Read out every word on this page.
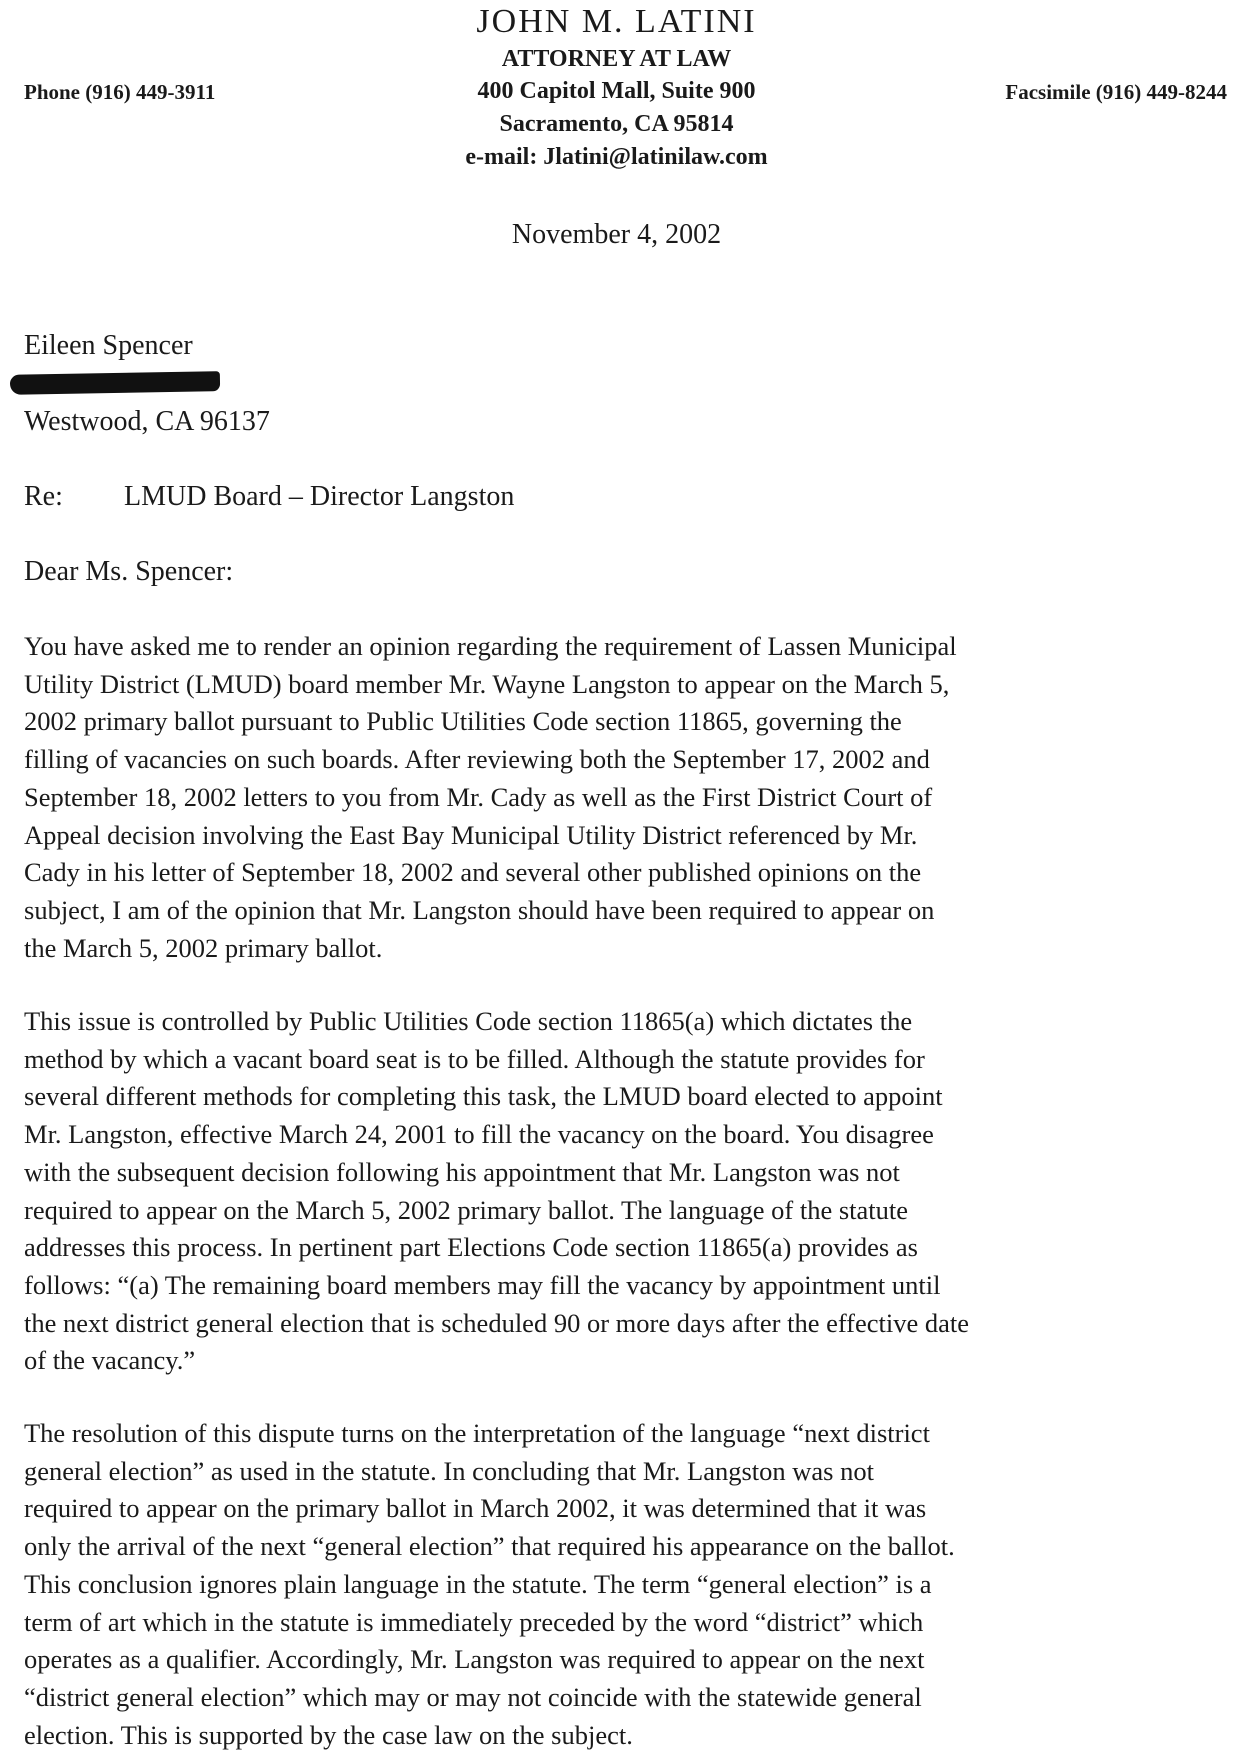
JOHN M. LATINI
ATTORNEY AT LAW
400 Capitol Mall, Suite 900
Sacramento, CA 95814
e-mail: Jlatini@latinilaw.com
Phone (916) 449-3911	Facsimile (916) 449-8244
November 4, 2002
Eileen Spencer
Westwood, CA 96137
Re: LMUD Board – Director Langston
Dear Ms. Spencer:
You have asked me to render an opinion regarding the requirement of Lassen Municipal
Utility District (LMUD) board member Mr. Wayne Langston to appear on the March 5,
2002 primary ballot pursuant to Public Utilities Code section 11865, governing the
filling of vacancies on such boards. After reviewing both the September 17, 2002 and
September 18, 2002 letters to you from Mr. Cady as well as the First District Court of
Appeal decision involving the East Bay Municipal Utility District referenced by Mr.
Cady in his letter of September 18, 2002 and several other published opinions on the
subject, I am of the opinion that Mr. Langston should have been required to appear on
the March 5, 2002 primary ballot.
This issue is controlled by Public Utilities Code section 11865(a) which dictates the
method by which a vacant board seat is to be filled. Although the statute provides for
several different methods for completing this task, the LMUD board elected to appoint
Mr. Langston, effective March 24, 2001 to fill the vacancy on the board. You disagree
with the subsequent decision following his appointment that Mr. Langston was not
required to appear on the March 5, 2002 primary ballot. The language of the statute
addresses this process. In pertinent part Elections Code section 11865(a) provides as
follows: “(a) The remaining board members may fill the vacancy by appointment until
the next district general election that is scheduled 90 or more days after the effective date
of the vacancy.”
The resolution of this dispute turns on the interpretation of the language “next district
general election” as used in the statute. In concluding that Mr. Langston was not
required to appear on the primary ballot in March 2002, it was determined that it was
only the arrival of the next “general election” that required his appearance on the ballot.
This conclusion ignores plain language in the statute. The term “general election” is a
term of art which in the statute is immediately preceded by the word “district” which
operates as a qualifier. Accordingly, Mr. Langston was required to appear on the next
“district general election” which may or may not coincide with the statewide general
election. This is supported by the case law on the subject.
